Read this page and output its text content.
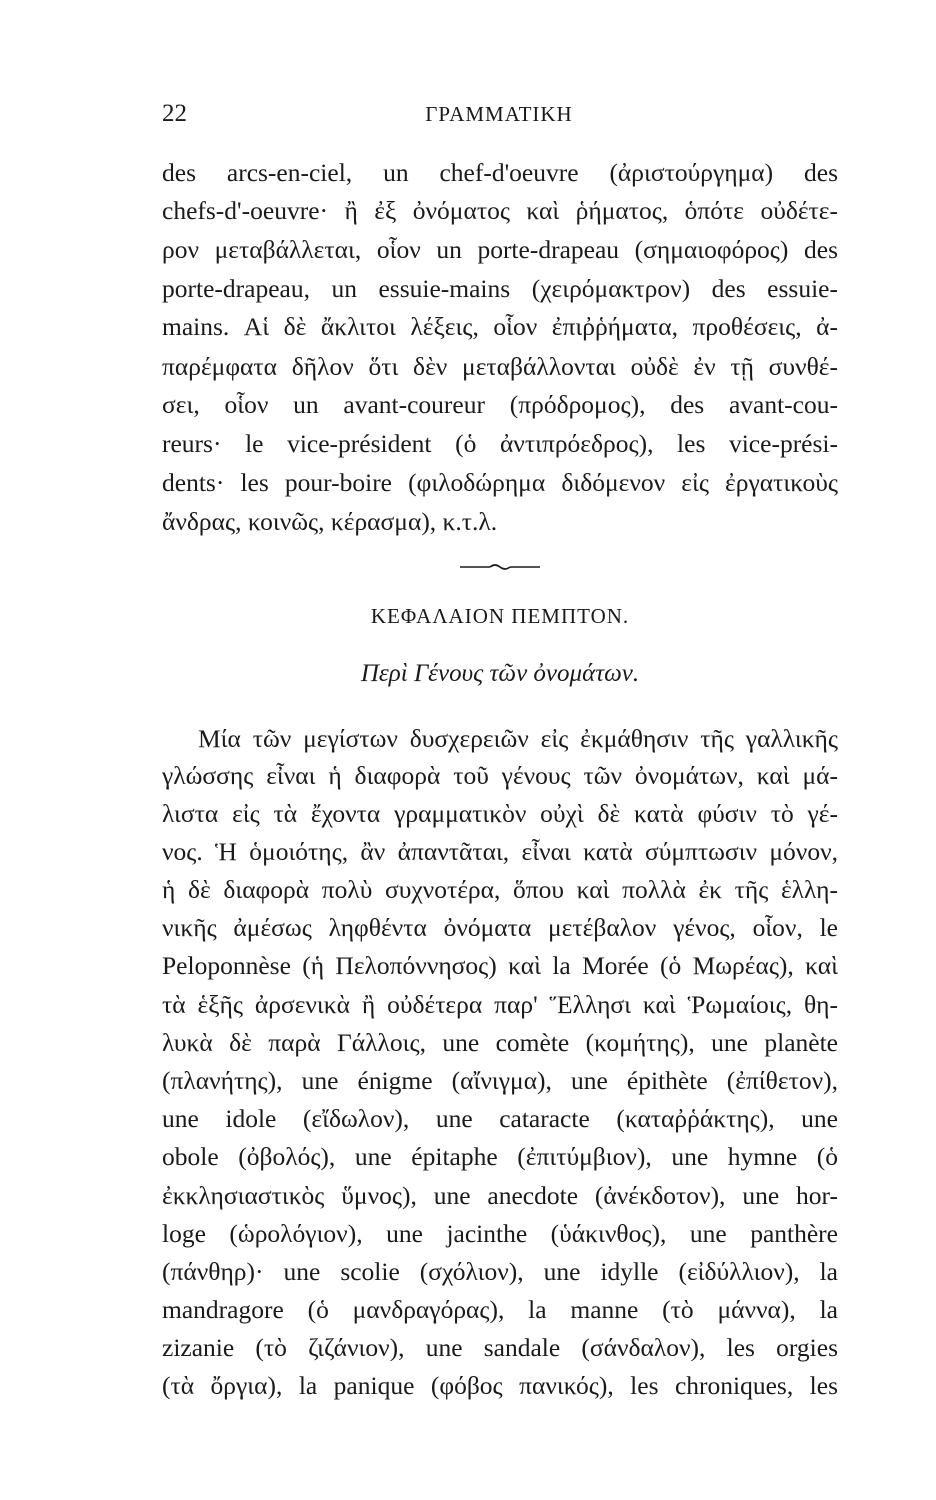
22	ΓΡΑΜΜΑΤΙΚΗ
des arcs-en-ciel, un chef-d'oeuvre (ἀριστούργημα) des
chefs-d'-oeuvre· ἢ ἐξ ὀνόματος καὶ ῥήματος, ὁπότε οὐδέτε-
ρον μεταβάλλεται, οἷον un porte-drapeau (σημαιοφόρος) des
porte-drapeau, un essuie-mains (χειρόμακτρον) des essuie-
mains. Αἱ δὲ ἄκλιτοι λέξεις, οἷον ἐπιῤῥήματα, προθέσεις, ἀ-
παρέμφατα δῆλον ὅτι δὲν μεταβάλλονται οὐδὲ ἐν τῇ συνθέ-
σει, οἷον un avant-coureur (πρόδρομος), des avant-cou-
reurs· le vice-président (ὁ ἀντιπρόεδρος), les vice-prési-
dents· les pour-boire (φιλοδώρημα διδόμενον εἰς ἐργατικοὺς
ἄνδρας, κοινῶς, κέρασμα), κ.τ.λ.
ΚΕΦΑΛΑΙΟΝ ΠΕΜΠΤΟΝ.
Περὶ Γένους τῶν ὀνομάτων.
Μία τῶν μεγίστων δυσχερειῶν εἰς ἐκμάθησιν τῆς γαλλικῆς
γλώσσης εἶναι ἡ διαφορὰ τοῦ γένους τῶν ὀνομάτων, καὶ μά-
λιστα εἰς τὰ ἔχοντα γραμματικὸν οὐχὶ δὲ κατὰ φύσιν τὸ γέ-
νος. Ἡ ὁμοιότης, ἂν ἀπαντᾶται, εἶναι κατὰ σύμπτωσιν μόνον,
ἡ δὲ διαφορὰ πολὺ συχνοτέρα, ὅπου καὶ πολλὰ ἐκ τῆς ἑλλη-
νικῆς ἀμέσως ληφθέντα ὀνόματα μετέβαλον γένος, οἷον, le
Peloponnèse (ἡ Πελοπόννησος) καὶ la Morée (ὁ Μωρέας), καὶ
τὰ ἑξῆς ἀρσενικὰ ἢ οὐδέτερα παρ' Ἕλλησι καὶ Ῥωμαίοις, θη-
λυκὰ δὲ παρὰ Γάλλοις, une comète (κομήτης), une planète
(πλανήτης), une énigme (αἴνιγμα), une épithète (ἐπίθετον),
une idole (εἴδωλον), une cataracte (καταῤῥάκτης), une
obole (ὀβολός), une épitaphe (ἐπιτύμβιον), une hymne (ὁ
ἐκκλησιαστικὸς ὕμνος), une anecdote (ἀνέκδοτον), une hor-
loge (ὡρολόγιον), une jacinthe (ὑάκινθος), une panthère
(πάνθηρ)· une scolie (σχόλιον), une idylle (εἰδύλλιον), la
mandragore (ὁ μανδραγόρας), la manne (τὸ μάννα), la
zizanie (τὸ ζιζάνιον), une sandale (σάνδαλον), les orgies
(τὰ ὄργια), la panique (φόβος πανικός), les chroniques, les
